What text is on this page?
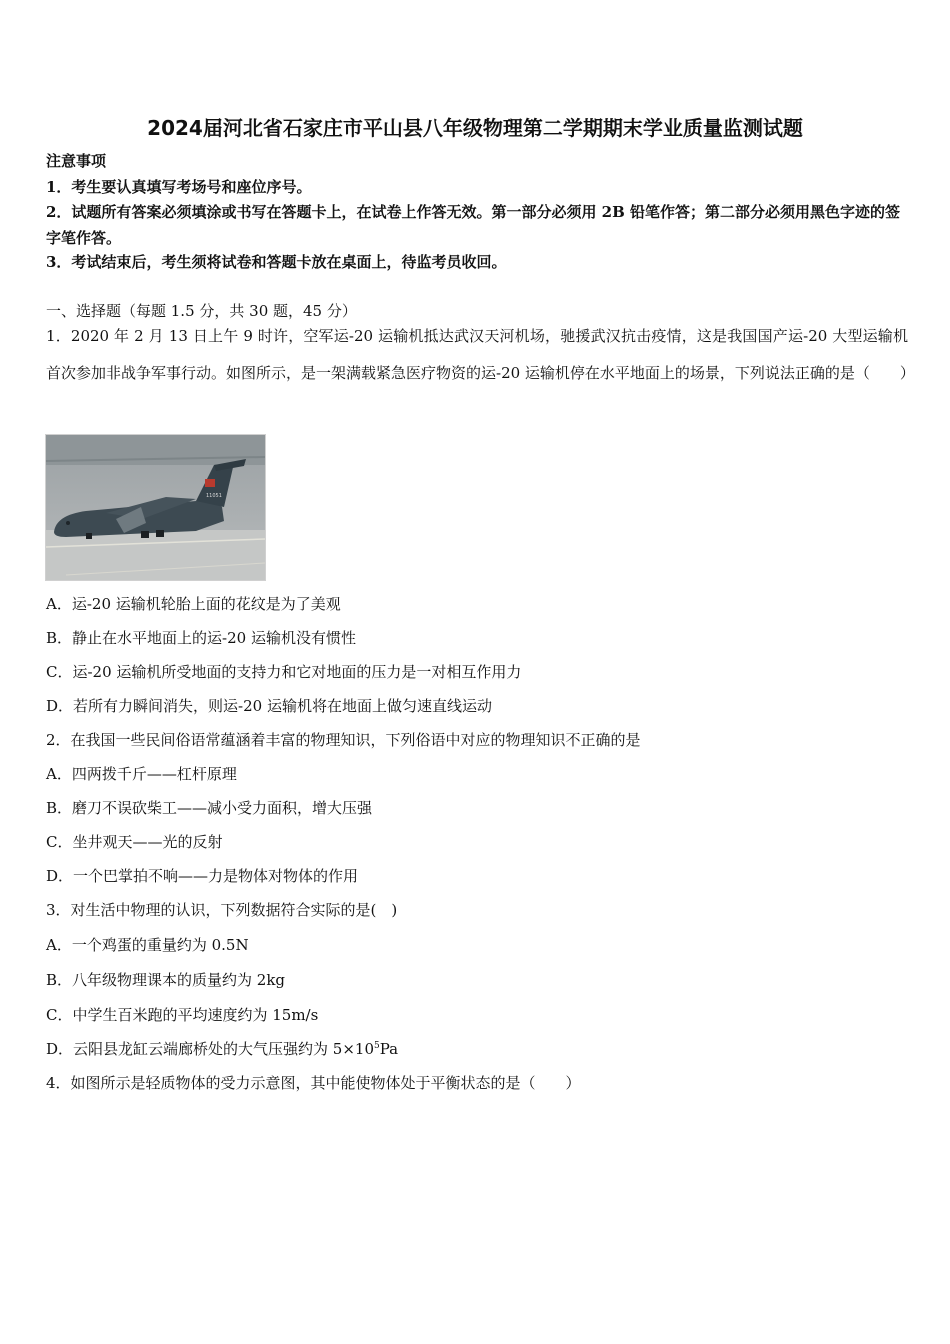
2024届河北省石家庄市平山县八年级物理第二学期期末学业质量监测试题
注意事项
1．考生要认真填写考场号和座位序号。
2．试题所有答案必须填涂或书写在答题卡上，在试卷上作答无效。第一部分必须用 2B 铅笔作答；第二部分必须用黑色字迹的签字笔作答。
3．考试结束后，考生须将试卷和答题卡放在桌面上，待监考员收回。
一、选择题（每题 1.5 分，共 30 题，45 分）
1．2020 年 2 月 13 日上午 9 时许，空军运-20 运输机抵达武汉天河机场，驰援武汉抗击疫情，这是我国国产运-20 大型运输机首次参加非战争军事行动。如图所示，是一架满载紧急医疗物资的运-20 运输机停在水平地面上的场景，下列说法正确的是（　　）
11051
A．运-20 运输机轮胎上面的花纹是为了美观
B．静止在水平地面上的运-20 运输机没有惯性
C．运-20 运输机所受地面的支持力和它对地面的压力是一对相互作用力
D．若所有力瞬间消失，则运-20 运输机将在地面上做匀速直线运动
2．在我国一些民间俗语常蕴涵着丰富的物理知识，下列俗语中对应的物理知识不正确的是
A．四两拨千斤——杠杆原理
B．磨刀不误砍柴工——减小受力面积，增大压强
C．坐井观天——光的反射
D．一个巴掌拍不响——力是物体对物体的作用
3．对生活中物理的认识，下列数据符合实际的是(　)
A．一个鸡蛋的重量约为 0.5N
B．八年级物理课本的质量约为 2kg
C．中学生百米跑的平均速度约为 15m/s
D．云阳县龙缸云端廊桥处的大气压强约为 $5\times 10^5Pa$
4．如图所示是轻质物体的受力示意图，其中能使物体处于平衡状态的是（　　）
